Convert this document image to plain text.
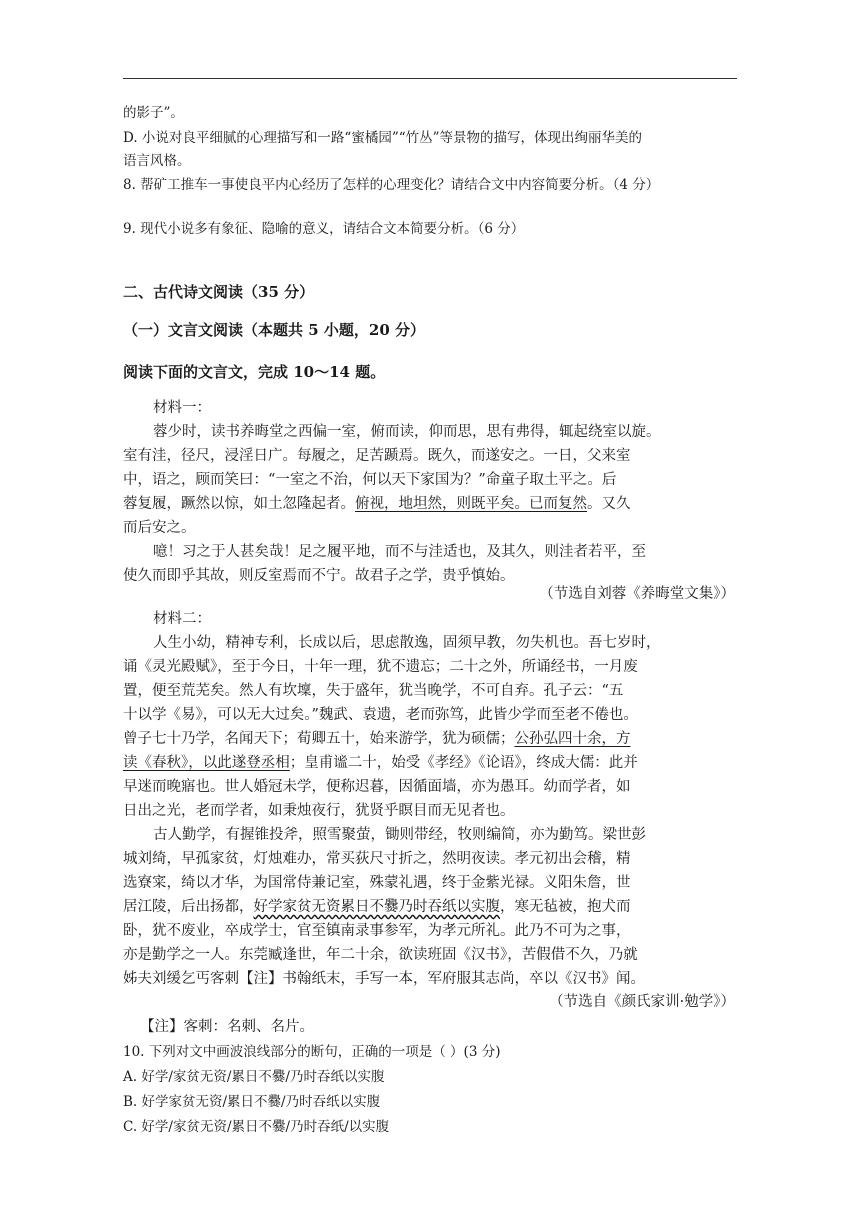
的影子”。
D. 小说对良平细腻的心理描写和一路“蜜橘园”“竹丛”等景物的描写，体现出绚丽华美的
语言风格。
8. 帮矿工推车一事使良平内心经历了怎样的心理变化？请结合文中内容简要分析。（4 分）
9. 现代小说多有象征、隐喻的意义，请结合文本简要分析。（6 分）
二、古代诗文阅读（35 分）
（一）文言文阅读（本题共 5 小题，20 分）
阅读下面的文言文，完成 10～14 题。
材料一：
蓉少时，读书养晦堂之西偏一室，俯而读，仰而思，思有弗得，辄起绕室以旋。
室有洼，径尺，浸淫日广。每履之，足苦踬焉。既久，而遂安之。一日，父来室
中，语之，顾而笑曰：“一室之不治，何以天下家国为？”命童子取土平之。后
蓉复履，蹶然以惊，如土忽隆起者。俯视，地坦然，则既平矣。已而复然。又久
而后安之。
噫！习之于人甚矣哉！足之履平地，而不与洼适也，及其久，则洼者若平，至
使久而即乎其故，则反室焉而不宁。故君子之学，贵乎慎始。
（节选自刘蓉《养晦堂文集》）
材料二：
人生小幼，精神专利，长成以后，思虑散逸，固须早教，勿失机也。吾七岁时，
诵《灵光殿赋》，至于今日，十年一理，犹不遗忘；二十之外，所诵经书，一月废
置，便至荒芜矣。然人有坎壈，失于盛年，犹当晚学，不可自弃。孔子云：“五
十以学《易》，可以无大过矣。”魏武、袁遗，老而弥笃，此皆少学而至老不倦也。
曾子七十乃学，名闻天下；荀卿五十，始来游学，犹为硕儒；公孙弘四十余，方
读《春秋》，以此遂登丞相；皇甫谧二十，始受《孝经》《论语》，终成大儒：此并
早迷而晚寤也。世人婚冠未学，便称迟暮，因循面墙，亦为愚耳。幼而学者，如
日出之光，老而学者，如秉烛夜行，犹贤乎瞑目而无见者也。
古人勤学，有握锥投斧，照雪聚萤，锄则带经，牧则编简，亦为勤笃。梁世彭
城刘绮，早孤家贫，灯烛难办，常买荻尺寸折之，然明夜读。孝元初出会稽，精
选寮寀，绮以才华，为国常侍兼记室，殊蒙礼遇，终于金紫光禄。义阳朱詹，世
居江陵，后出扬都，好学家贫无资累日不爨乃时吞纸以实腹，寒无毡被，抱犬而
卧，犹不废业，卒成学士，官至镇南录事参军，为孝元所礼。此乃不可为之事，
亦是勤学之一人。东莞臧逢世，年二十余，欲读班固《汉书》，苦假借不久，乃就
姊夫刘缓乞丐客刺【注】书翰纸末，手写一本，军府服其志尚，卒以《汉书》闻。
（节选自《颜氏家训·勉学》）
【注】客刺：名刺、名片。
10. 下列对文中画波浪线部分的断句，正确的一项是（ ）(3 分)
A. 好学/家贫无资/累日不爨/乃时吞纸以实腹
B. 好学家贫无资/累日不爨/乃时吞纸以实腹
C. 好学/家贫无资/累日不爨/乃时吞纸/以实腹
